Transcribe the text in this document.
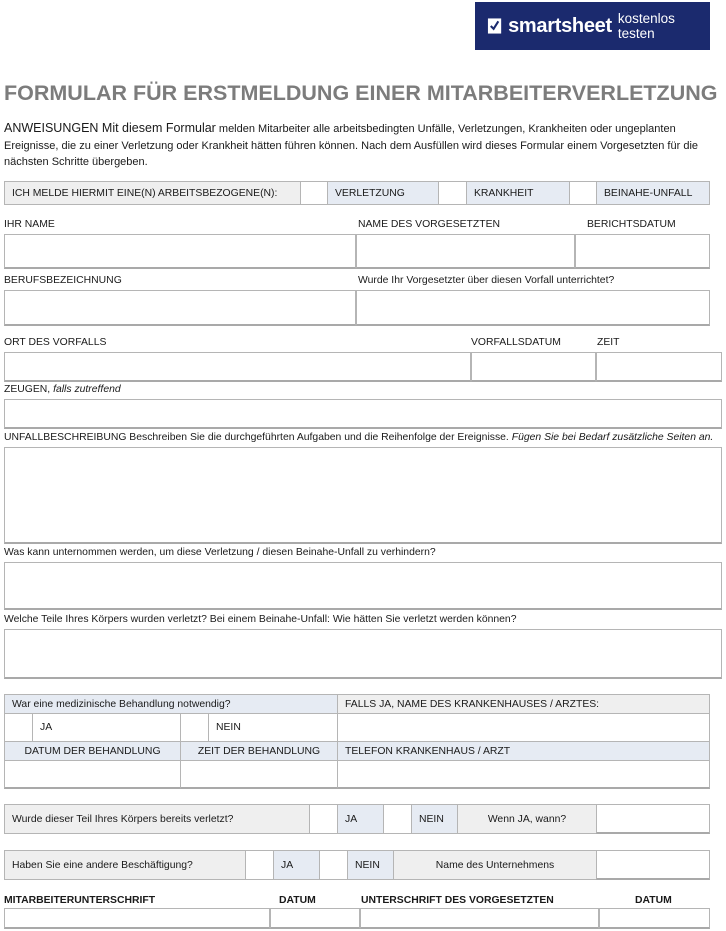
smartsheet kostenlos testen
FORMULAR FÜR ERSTMELDUNG EINER MITARBEITERVERLETZUNG
ANWEISUNGEN Mit diesem Formular melden Mitarbeiter alle arbeitsbedingten Unfälle, Verletzungen, Krankheiten oder ungeplanten Ereignisse, die zu einer Verletzung oder Krankheit hätten führen können. Nach dem Ausfüllen wird dieses Formular einem Vorgesetzten für die nächsten Schritte übergeben.
ICH MELDE HIERMIT EINE(N) ARBEITSBEZOGENE(N):	VERLETZUNG	KRANKHEIT	BEINAHE-UNFALL
IHR NAME	NAME DES VORGESETZTEN	BERICHTSDATUM
BERUFSBEZEICHNUNG	Wurde Ihr Vorgesetzter über diesen Vorfall unterrichtet?
ORT DES VORFALLS	VORFALLSDATUM	ZEIT
ZEUGEN, falls zutreffend
UNFALLBESCHREIBUNG Beschreiben Sie die durchgeführten Aufgaben und die Reihenfolge der Ereignisse. Fügen Sie bei Bedarf zusätzliche Seiten an.
Was kann unternommen werden, um diese Verletzung / diesen Beinahe-Unfall zu verhindern?
Welche Teile Ihres Körpers wurden verletzt? Bei einem Beinahe-Unfall: Wie hätten Sie verletzt werden können?
War eine medizinische Behandlung notwendig?	FALLS JA, NAME DES KRANKENHAUSES / ARZTES:
JA	NEIN
DATUM DER BEHANDLUNG	ZEIT DER BEHANDLUNG	TELEFON KRANKENHAUS / ARZT
Wurde dieser Teil Ihres Körpers bereits verletzt?	JA	NEIN	Wenn JA, wann?
Haben Sie eine andere Beschäftigung?	JA	NEIN	Name des Unternehmens
MITARBEITERUNTERSCHRIFT	DATUM	UNTERSCHRIFT DES VORGESETZTEN	DATUM
